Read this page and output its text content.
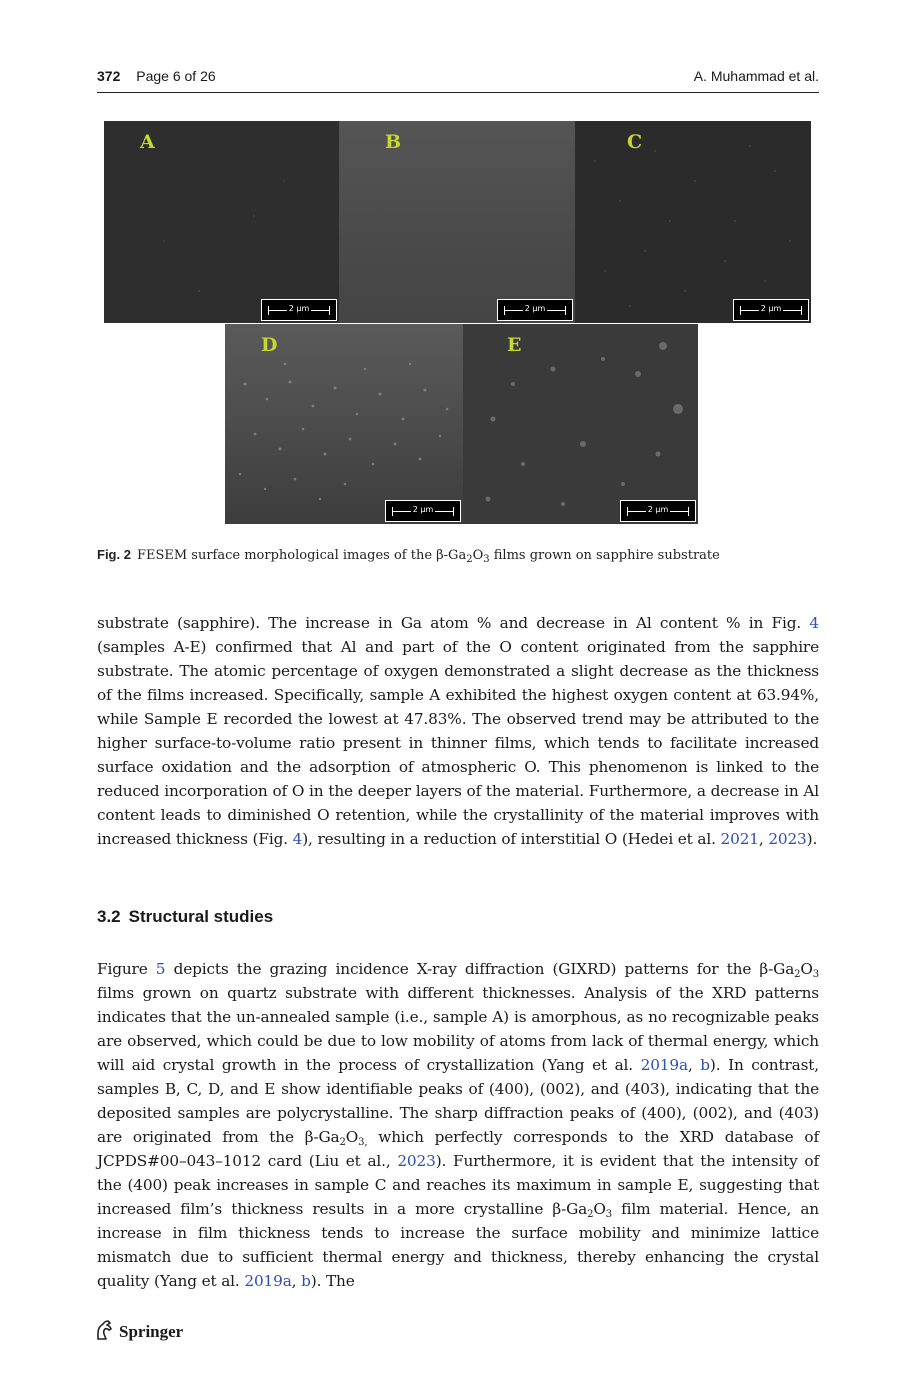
372 Page 6 of 26	A. Muhammad et al.
A
2 μm
B
2 μm
C
2 μm
D
2 μm
E
2 μm
Fig. 2 FESEM surface morphological images of the $\beta-Ga_2O_3$ films grown on sapphire substrate

substrate (sapphire). The increase in Ga atom % and decrease in Al content % in Fig. 4 (samples A-E) confirmed that Al and part of the O content originated from the sapphire substrate. The atomic percentage of oxygen demonstrated a slight decrease as the thickness of the films increased. Specifically, sample A exhibited the highest oxygen content at 63.94%, while Sample E recorded the lowest at 47.83%. The observed trend may be attributed to the higher surface-to-volume ratio present in thinner films, which tends to facilitate increased surface oxidation and the adsorption of atmospheric O. This phenomenon is linked to the reduced incorporation of O in the deeper layers of the material. Furthermore, a decrease in Al content leads to diminished O retention, while the crystallinity of the material improves with increased thickness (Fig. 4), resulting in a reduction of interstitial O (Hedei et al. 2021, 2023).

3.2 Structural studies

Figure 5 depicts the grazing incidence X-ray diffraction (GIXRD) patterns for the $\beta-Ga_2O_3$ films grown on quartz substrate with different thicknesses. Analysis of the XRD patterns indicates that the un-annealed sample (i.e., sample A) is amorphous, as no recognizable peaks are observed, which could be due to low mobility of atoms from lack of thermal energy, which will aid crystal growth in the process of crystallization (Yang et al. 2019a, b). In contrast, samples B, C, D, and E show identifiable peaks of (400), (002), and (403), indicating that the deposited samples are polycrystalline. The sharp diffraction peaks of (400), (002), and (403) are originated from the $\beta-Ga_2O_{3,}$ which perfectly corresponds to the XRD database of JCPDS#00–043–1012 card (Liu et al., 2023). Furthermore, it is evident that the intensity of the (400) peak increases in sample C and reaches its maximum in sample E, suggesting that increased film’s thickness results in a more crystalline $\beta-Ga_2O_3$ film material. Hence, an increase in film thickness tends to increase the surface mobility and minimize lattice mismatch due to sufficient thermal energy and thickness, thereby enhancing the crystal quality (Yang et al. 2019a, b). The

Springer
